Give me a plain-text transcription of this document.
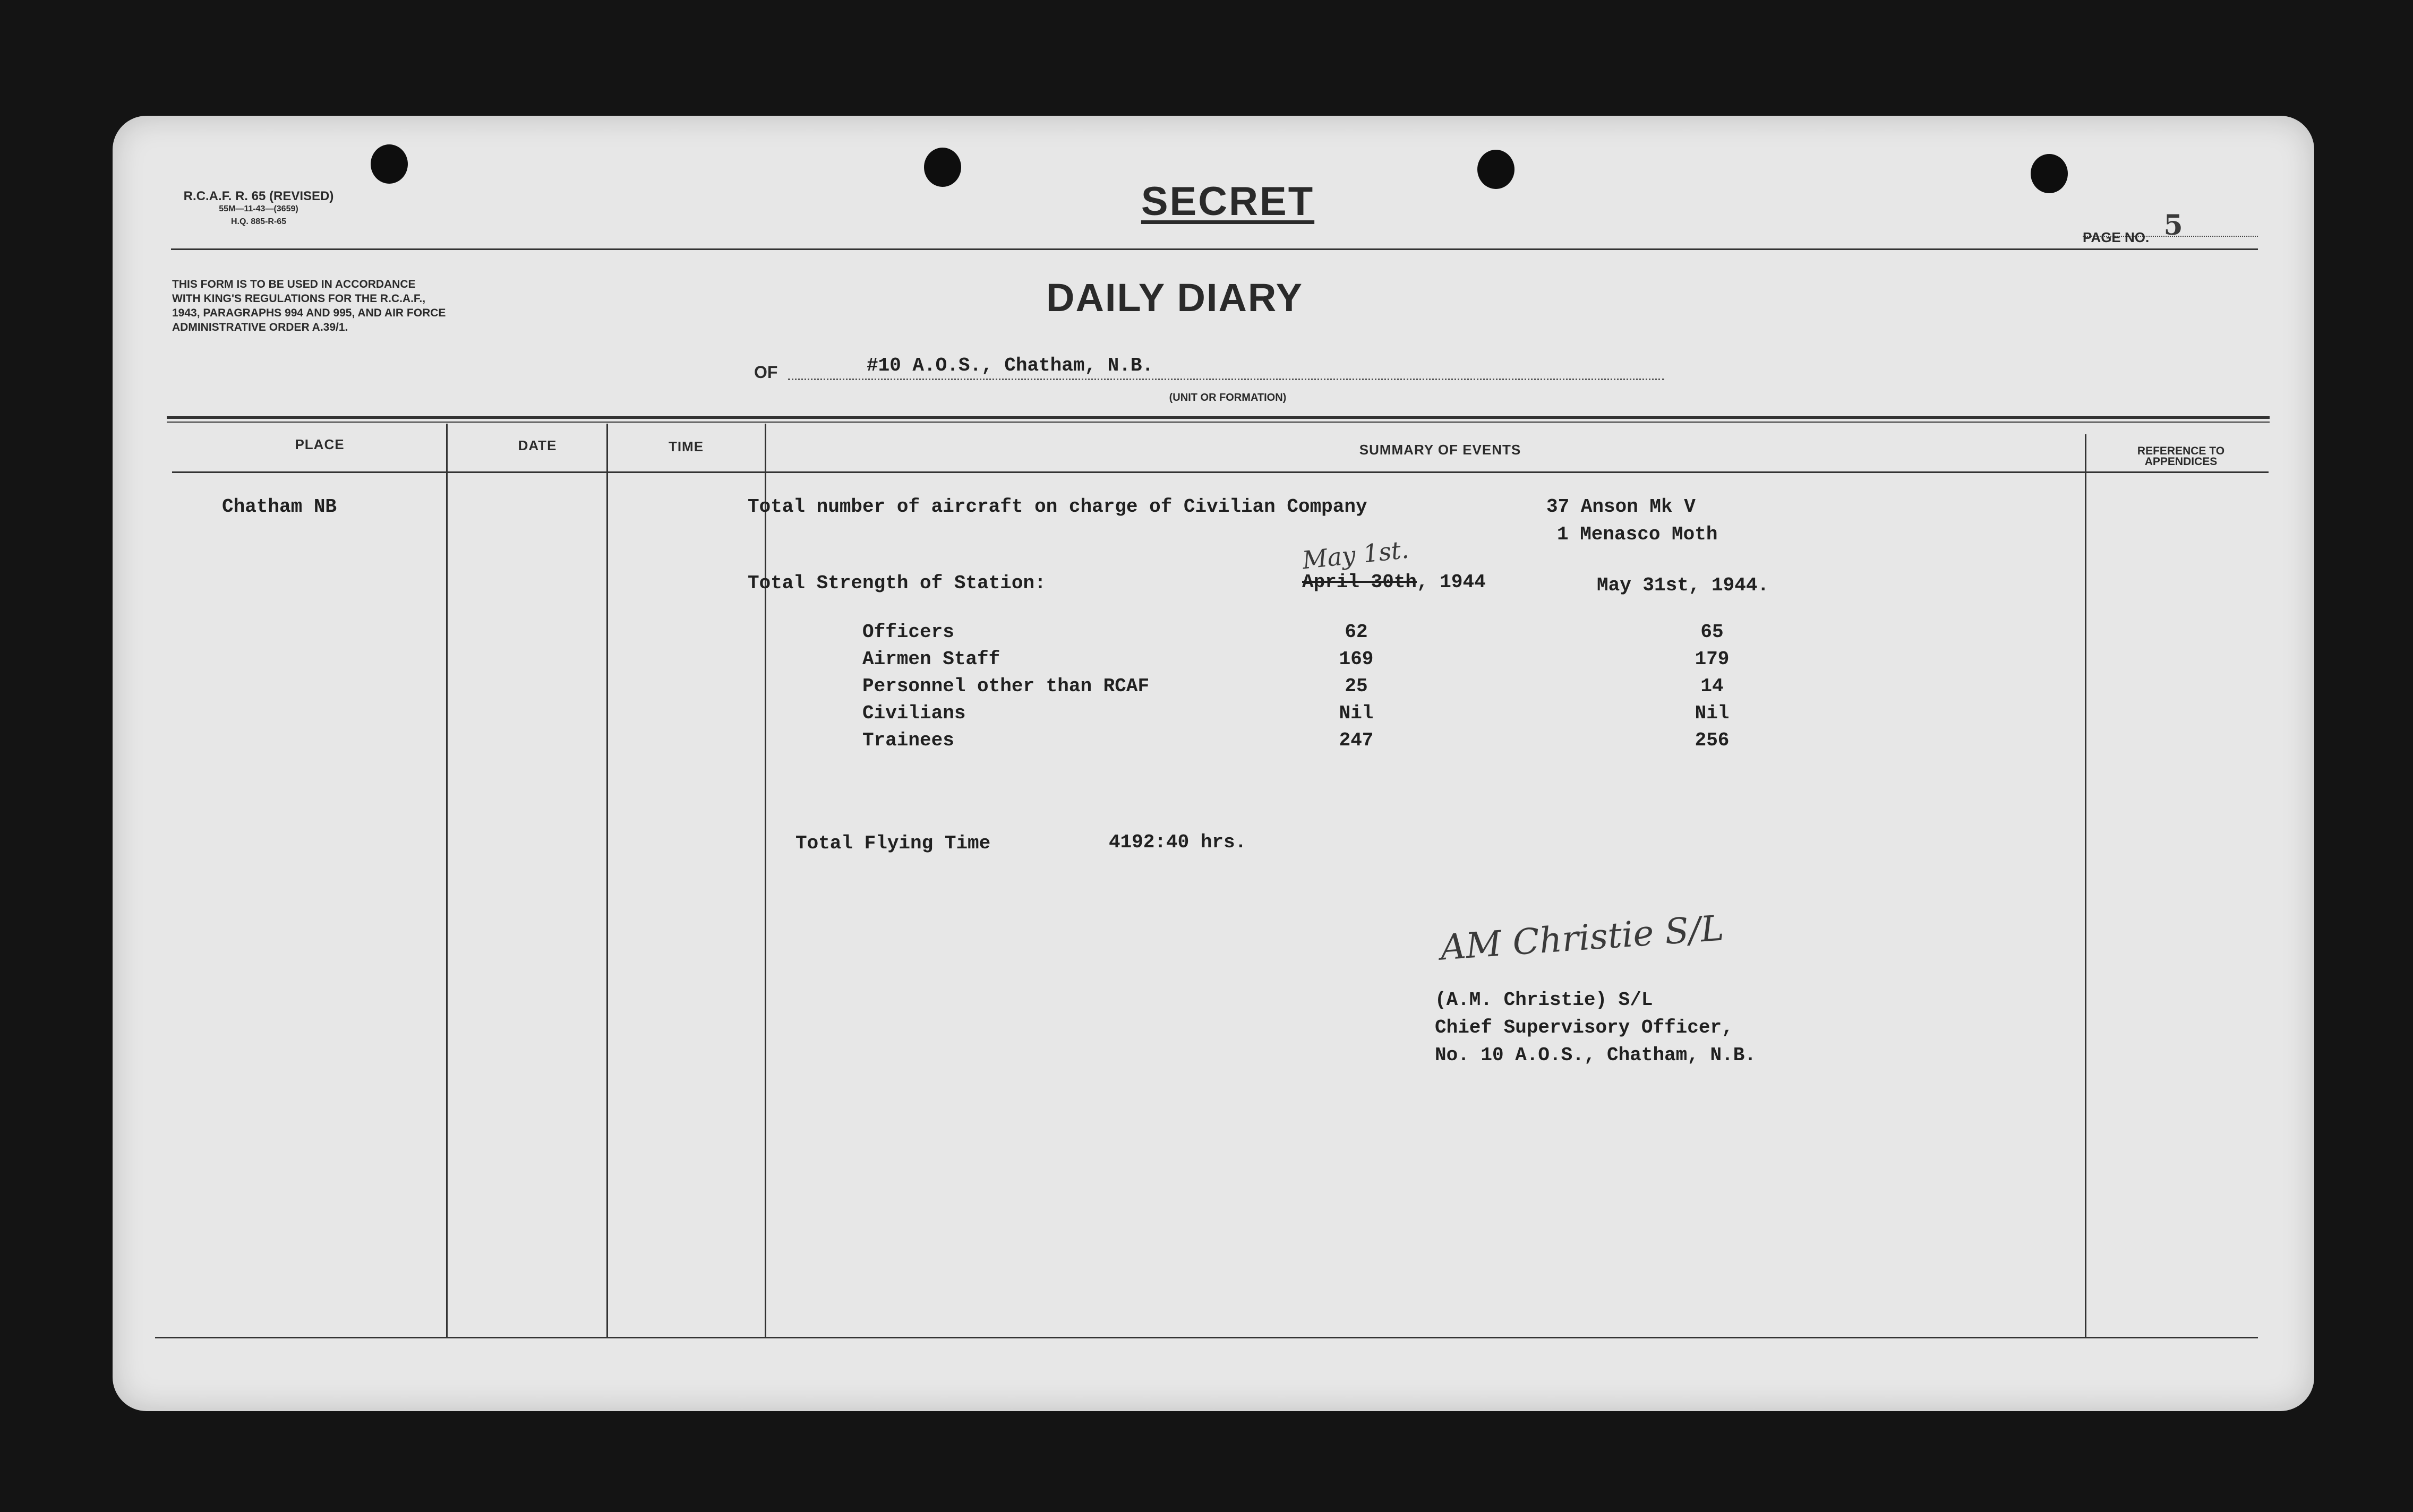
R.C.A.F. R. 65 (REVISED)
55M—11-43—(3659)
H.Q. 885-R-65	SECRET
PAGE NO. 5
THIS FORM IS TO BE USED IN ACCORDANCE
WITH KING'S REGULATIONS FOR THE R.C.A.F.,
1943, PARAGRAPHS 994 AND 995, AND AIR FORCE
ADMINISTRATIVE ORDER A.39/1.
DAILY DIARY
OF	#10 A.O.S., Chatham, N.B.
(UNIT OR FORMATION)
PLACE	DATE	TIME	SUMMARY OF EVENTS	REFERENCE TO
APPENDICES
Chatham NB	Total number of aircraft on charge of Civilian Company	37 Anson Mk V
1 Menasco Moth
Total Strength of Station:
May 1st.
April 30th, 1944	May 31st, 1944.
Officers	62	65
Airmen Staff	169	179
Personnel other than RCAF	25	14
Civilians	Nil	Nil
Trainees	247	256
Total Flying Time	4192:40 hrs.
AM Christie S/L
(A.M. Christie) S/L
Chief Supervisory Officer,
No. 10 A.O.S., Chatham, N.B.
